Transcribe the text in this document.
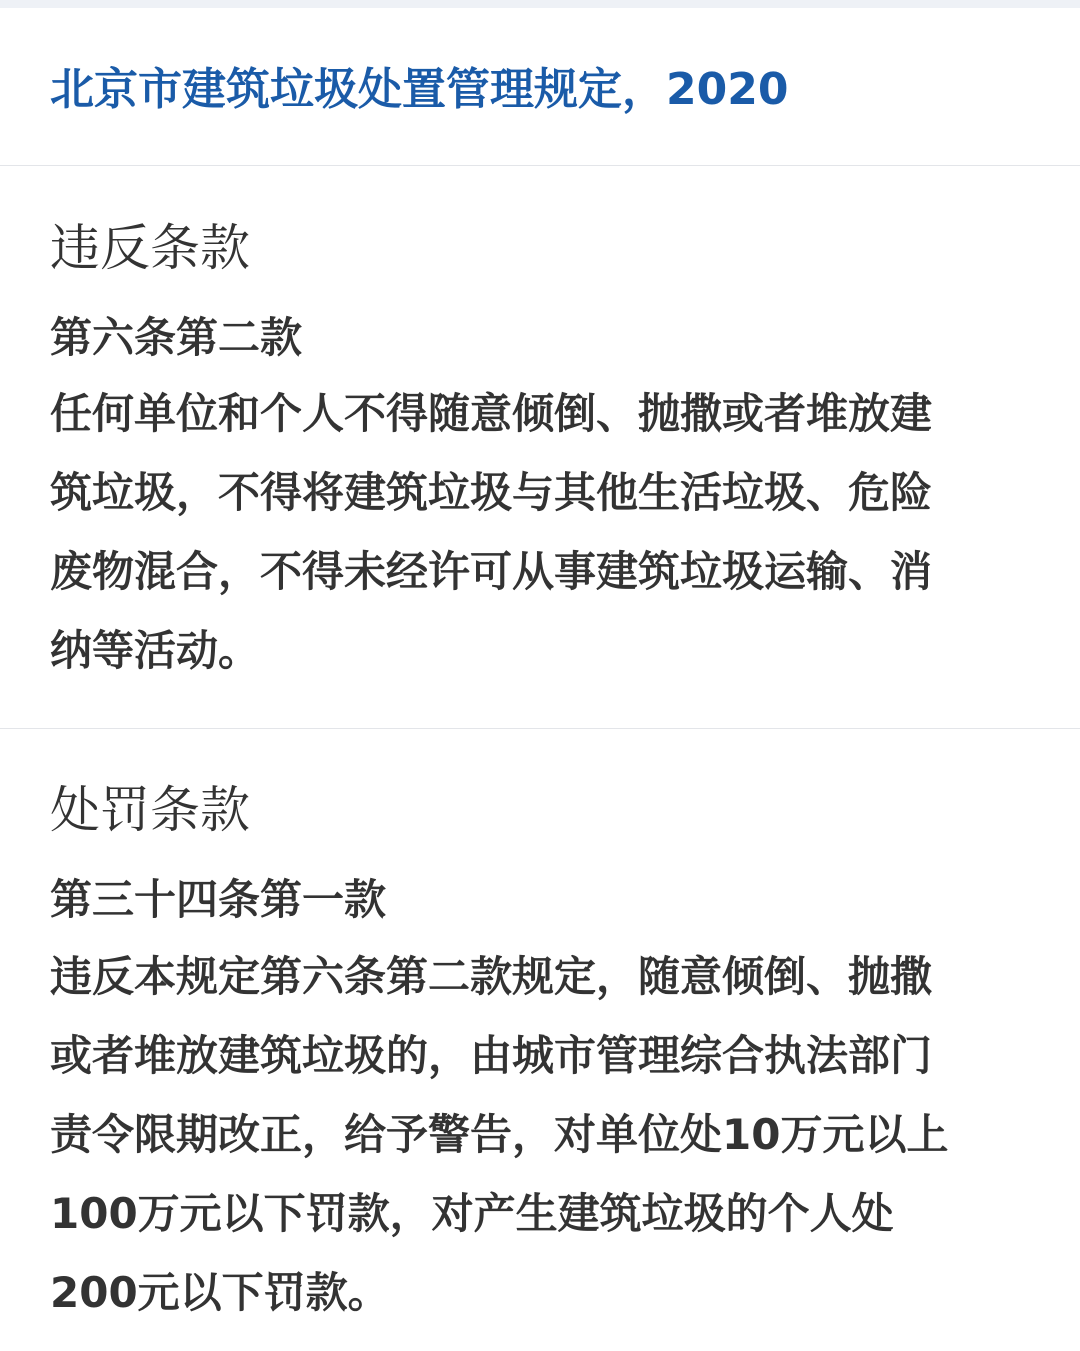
北京市建筑垃圾处置管理规定，2020
违反条款
第六条第二款
任何单位和个人不得随意倾倒、抛撒或者堆放建
筑垃圾，不得将建筑垃圾与其他生活垃圾、危险
废物混合，不得未经许可从事建筑垃圾运输、消
纳等活动。
处罚条款
第三十四条第一款
违反本规定第六条第二款规定，随意倾倒、抛撒
或者堆放建筑垃圾的，由城市管理综合执法部门
责令限期改正，给予警告，对单位处10万元以上
100万元以下罚款，对产生建筑垃圾的个人处
200元以下罚款。
